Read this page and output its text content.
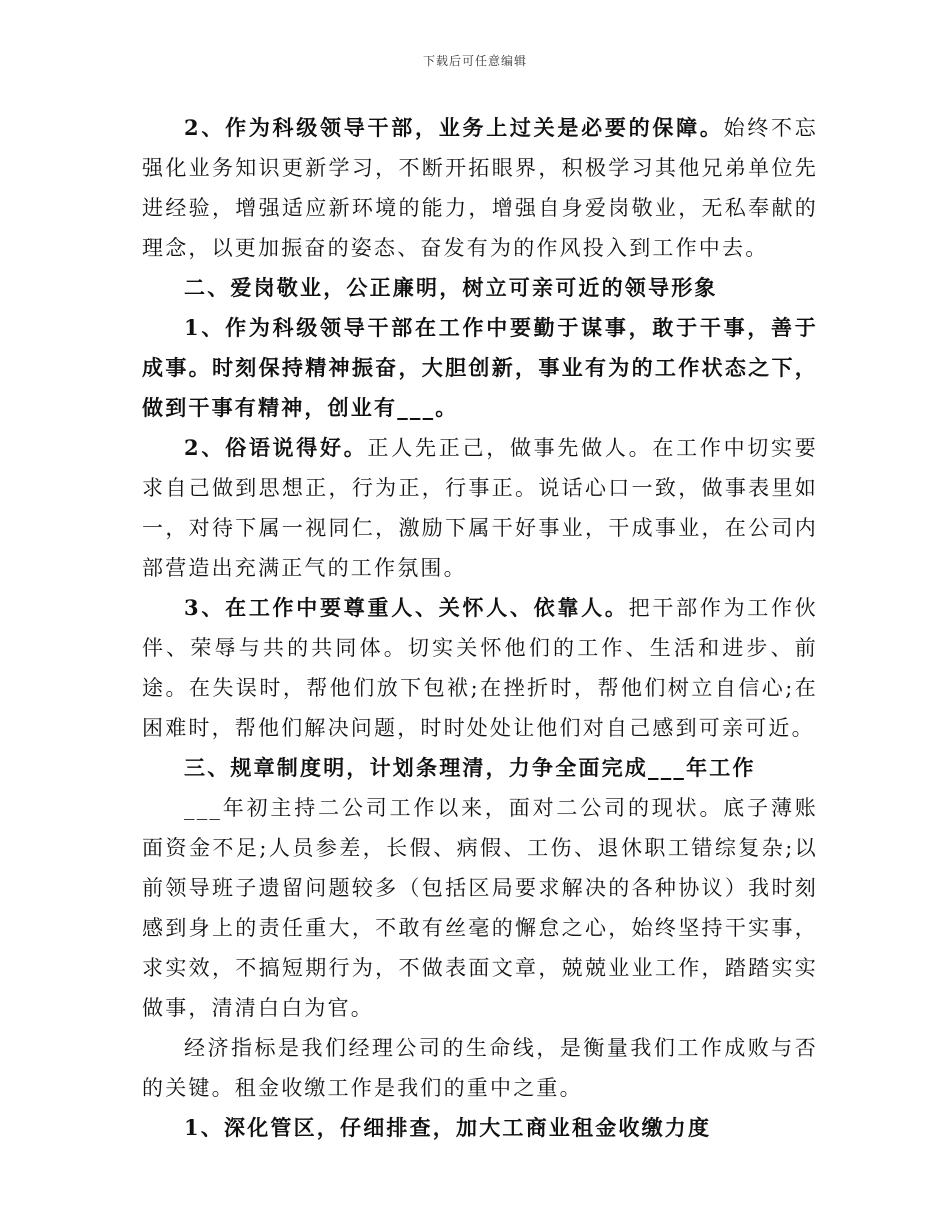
下载后可任意编辑

2、作为科级领导干部，业务上过关是必要的保障。始终不忘强化业务知识更新学习，不断开拓眼界，积极学习其他兄弟单位先进经验，增强适应新环境的能力，增强自身爱岗敬业，无私奉献的理念，以更加振奋的姿态、奋发有为的作风投入到工作中去。

二、爱岗敬业，公正廉明，树立可亲可近的领导形象

1、作为科级领导干部在工作中要勤于谋事，敢于干事，善于成事。时刻保持精神振奋，大胆创新，事业有为的工作状态之下，做到干事有精神，创业有___。

2、俗语说得好。正人先正己，做事先做人。在工作中切实要求自己做到思想正，行为正，行事正。说话心口一致，做事表里如一，对待下属一视同仁，激励下属干好事业，干成事业，在公司内部营造出充满正气的工作氛围。

3、在工作中要尊重人、关怀人、依靠人。把干部作为工作伙伴、荣辱与共的共同体。切实关怀他们的工作、生活和进步、前途。在失误时，帮他们放下包袱;在挫折时，帮他们树立自信心;在困难时，帮他们解决问题，时时处处让他们对自己感到可亲可近。

三、规章制度明，计划条理清，力争全面完成___年工作

___年初主持二公司工作以来，面对二公司的现状。底子薄账面资金不足;人员参差，长假、病假、工伤、退休职工错综复杂;以前领导班子遗留问题较多（包括区局要求解决的各种协议）我时刻感到身上的责任重大，不敢有丝毫的懈怠之心，始终坚持干实事，求实效，不搞短期行为，不做表面文章，兢兢业业工作，踏踏实实做事，清清白白为官。

经济指标是我们经理公司的生命线，是衡量我们工作成败与否的关键。租金收缴工作是我们的重中之重。

1、深化管区，仔细排查，加大工商业租金收缴力度
